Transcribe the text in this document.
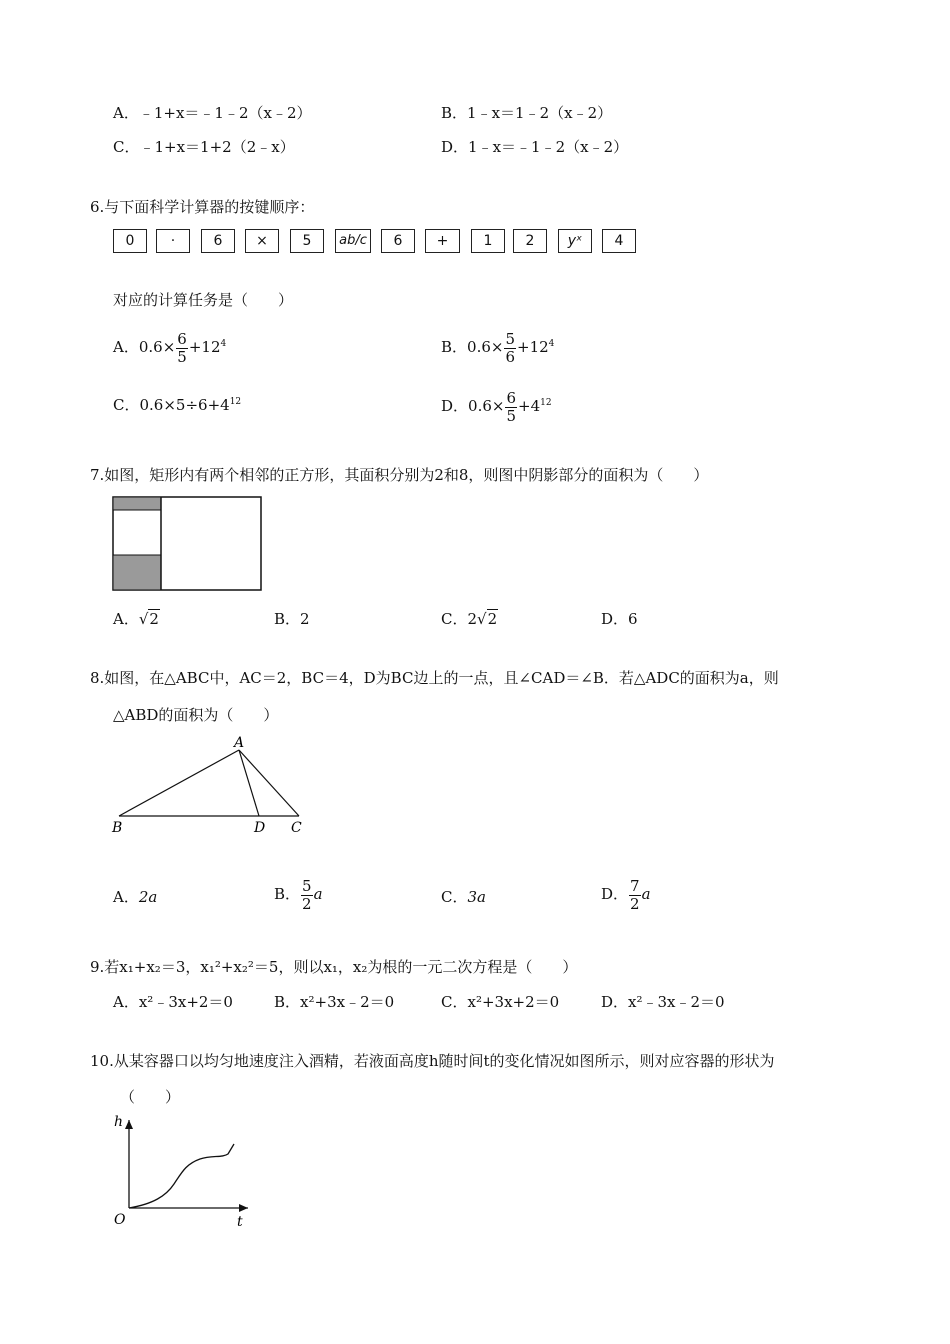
A．﹣1+x＝﹣1﹣2（x﹣2）	B．1﹣x＝1﹣2（x﹣2）
C．﹣1+x＝1+2（2﹣x）	D．1﹣x＝﹣1﹣2（x﹣2）
6.与下面科学计算器的按键顺序：
0	·	6	×	5	ab/c	6	+	1	2	yˣ	4
对应的计算任务是（　　）
A．$0.6\times \frac{6}{5} +12^4$	B．$0.6\times \frac{5}{6} +12^4$
C．$0.6\times 5\div 6+4^{12}$	D．$0.6\times \frac{6}{5} +4^{12}$
7.如图，矩形内有两个相邻的正方形，其面积分别为2和8，则图中阴影部分的面积为（　　）
A．√2	B．2	C．2√2	D．6
8.如图，在△ABC中，AC＝2，BC＝4，D为BC边上的一点，且∠CAD＝∠B．若△ADC的面积为a，则
△ABD的面积为（　　）
A
B	D C
A．2a	B． $\frac{5}{2}$ a	C．3a	D． $\frac{7}{2}$ a
9.若x₁+x₂＝3，x₁²+x₂²＝5，则以x₁，x₂为根的一元二次方程是（　　）
A．x²﹣3x+2＝0	B．x²+3x﹣2＝0	C．x²+3x+2＝0	D．x²﹣3x﹣2＝0
10.从某容器口以均匀地速度注入酒精，若液面高度h随时间t的变化情况如图所示，则对应容器的形状为
（　　）
h
t
O
